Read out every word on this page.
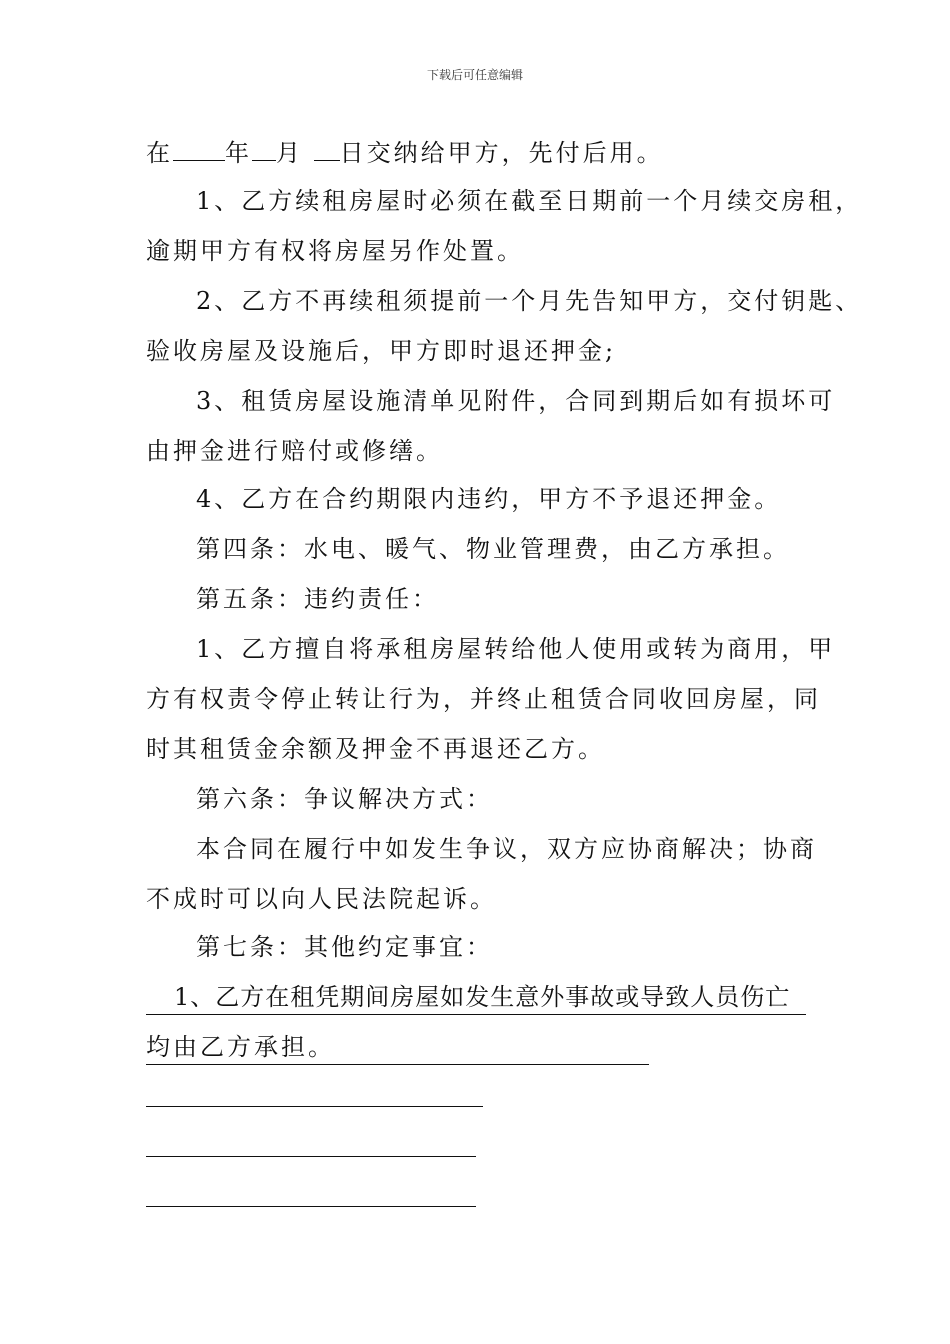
下载后可任意编辑
在 年 月 日交纳给甲方，先付后用。
1、乙方续租房屋时必须在截至日期前一个月续交房租，
逾期甲方有权将房屋另作处置。
2、乙方不再续租须提前一个月先告知甲方，交付钥匙、
验收房屋及设施后，甲方即时退还押金;
3、租赁房屋设施清单见附件，合同到期后如有损坏可
由押金进行赔付或修缮。
4、乙方在合约期限内违约，甲方不予退还押金。
第四条：水电、暖气、物业管理费，由乙方承担。
第五条：违约责任：
1、乙方擅自将承租房屋转给他人使用或转为商用，甲
方有权责令停止转让行为，并终止租赁合同收回房屋，同
时其租赁金余额及押金不再退还乙方。
第六条：争议解决方式：
本合同在履行中如发生争议，双方应协商解决；协商
不成时可以向人民法院起诉。
第七条：其他约定事宜：
1、乙方在租凭期间房屋如发生意外事故或导致人员伤亡
均由乙方承担。
